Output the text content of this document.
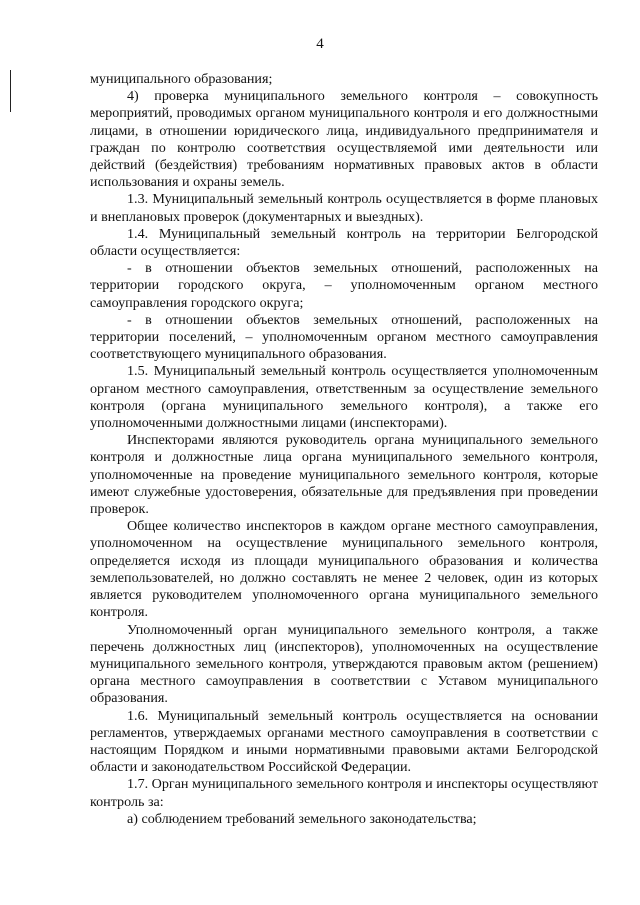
4

муниципального образования;

4) проверка муниципального земельного контроля – совокупность мероприятий, проводимых органом муниципального контроля и его должностными лицами, в отношении юридического лица, индивидуального предпринимателя и граждан по контролю соответствия осуществляемой ими деятельности или действий (бездействия) требованиям нормативных правовых актов в области использования и охраны земель.

1.3. Муниципальный земельный контроль осуществляется в форме плановых и внеплановых проверок (документарных и выездных).

1.4. Муниципальный земельный контроль на территории Белгородской области осуществляется:

- в отношении объектов земельных отношений, расположенных на территории городского округа, – уполномоченным органом местного самоуправления городского округа;

- в отношении объектов земельных отношений, расположенных на территории поселений, – уполномоченным органом местного самоуправления соответствующего муниципального образования.

1.5. Муниципальный земельный контроль осуществляется уполномоченным органом местного самоуправления, ответственным за осуществление земельного контроля (органа муниципального земельного контроля), а также его уполномоченными должностными лицами (инспекторами).

Инспекторами являются руководитель органа муниципального земельного контроля и должностные лица органа муниципального земельного контроля, уполномоченные на проведение муниципального земельного контроля, которые имеют служебные удостоверения, обязательные для предъявления при проведении проверок.

Общее количество инспекторов в каждом органе местного самоуправления, уполномоченном на осуществление муниципального земельного контроля, определяется исходя из площади муниципального образования и количества землепользователей, но должно составлять не менее 2 человек, один из которых является руководителем уполномоченного органа муниципального земельного контроля.

Уполномоченный орган муниципального земельного контроля, а также перечень должностных лиц (инспекторов), уполномоченных на осуществление муниципального земельного контроля, утверждаются правовым актом (решением) органа местного самоуправления в соответствии с Уставом муниципального образования.

1.6. Муниципальный земельный контроль осуществляется на основании регламентов, утверждаемых органами местного самоуправления в соответствии с настоящим Порядком и иными нормативными правовыми актами Белгородской области и законодательством Российской Федерации.

1.7. Орган муниципального земельного контроля и инспекторы осуществляют контроль за:

а) соблюдением требований земельного законодательства;
